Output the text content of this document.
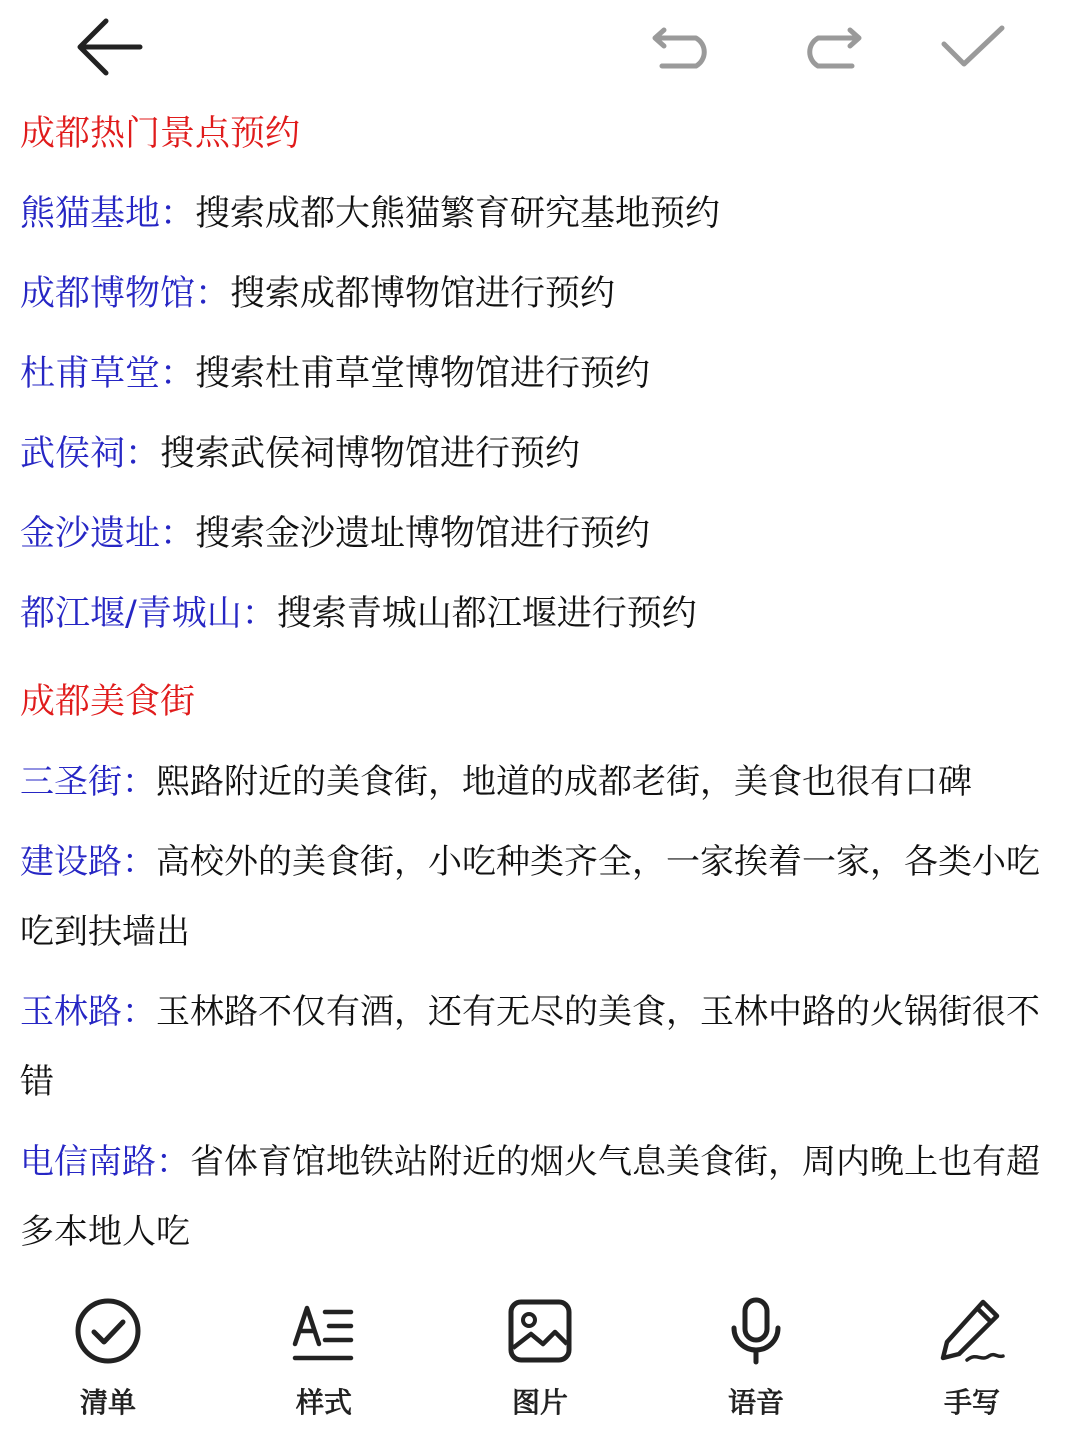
成都热门景点预约
熊猫基地：搜索成都大熊猫繁育研究基地预约
成都博物馆：搜索成都博物馆进行预约
杜甫草堂：搜索杜甫草堂博物馆进行预约
武侯祠：搜索武侯祠博物馆进行预约
金沙遗址：搜索金沙遗址博物馆进行预约
都江堰/青城山：搜索青城山都江堰进行预约
成都美食街
三圣街：熙路附近的美食街，地道的成都老街，美食也很有口碑
建设路：高校外的美食街，小吃种类齐全，一家挨着一家，各类小吃吃到扶墙出
玉林路：玉林路不仅有酒，还有无尽的美食，玉林中路的火锅街很不错
电信南路：省体育馆地铁站附近的烟火气息美食街，周内晚上也有超多本地人吃
清单	样式	图片	语音	手写
